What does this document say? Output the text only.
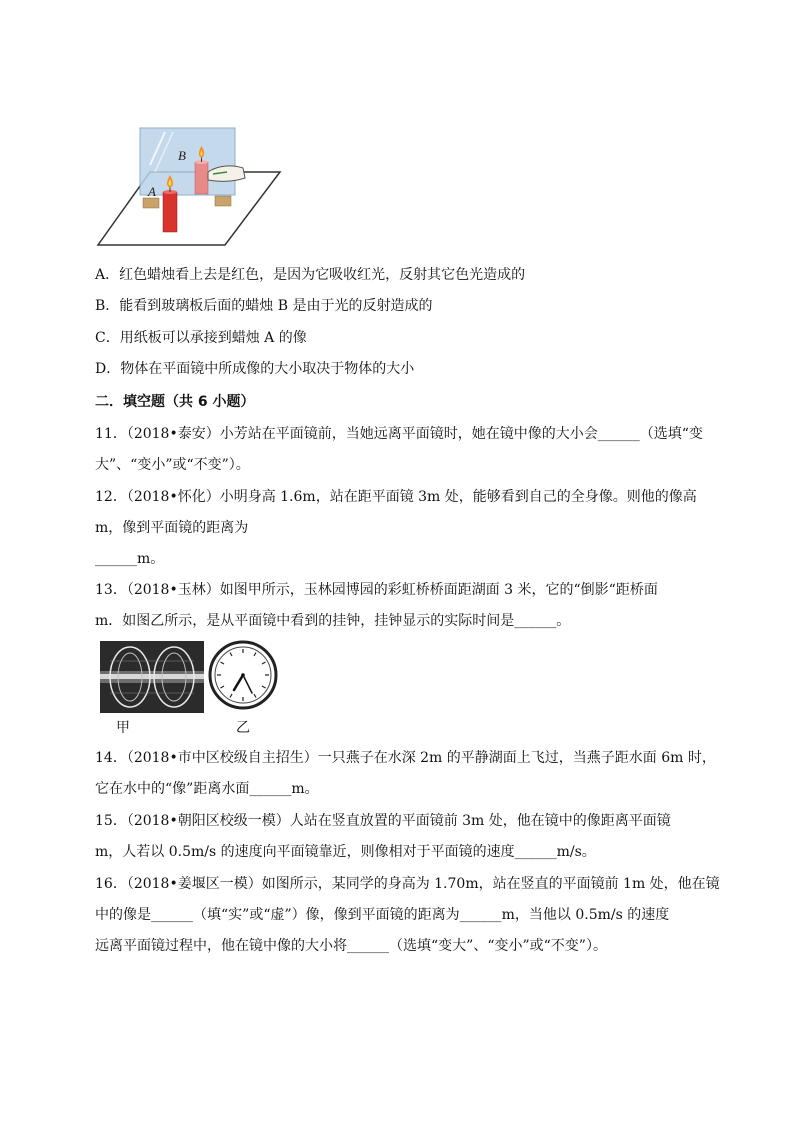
A
B
A．红色蜡烛看上去是红色，是因为它吸收红光，反射其它色光造成的
B．能看到玻璃板后面的蜡烛 B 是由于光的反射造成的
C．用纸板可以承接到蜡烛 A 的像
D．物体在平面镜中所成像的大小取决于物体的大小
二．填空题（共 6 小题）
11．（2018•泰安）小芳站在平面镜前，当她远离平面镜时，她在镜中像的大小会______（选填“变
大”、“变小”或“不变”）。
12．（2018•怀化）小明身高 1.6m，站在距平面镜 3m 处，能够看到自己的全身像。则他的像高
m，像到平面镜的距离为
______m。
13．（2018•玉林）如图甲所示，玉林园博园的彩虹桥桥面距湖面 3 米，它的“倒影“距桥面
m．如图乙所示，是从平面镜中看到的挂钟，挂钟显示的实际时间是______。
甲	乙
14．（2018•市中区校级自主招生）一只燕子在水深 2m 的平静湖面上飞过，当燕子距水面 6m 时，
它在水中的“像”距离水面______m。
15．（2018•朝阳区校级一模）人站在竖直放置的平面镜前 3m 处，他在镜中的像距离平面镜
m，人若以 0.5m/s 的速度向平面镜靠近，则像相对于平面镜的速度______m/s。
16．（2018•姜堰区一模）如图所示，某同学的身高为 1.70m，站在竖直的平面镜前 1m 处，他在镜
中的像是______（填“实”或“虚”）像，像到平面镜的距离为______m，当他以 0.5m/s 的速度
远离平面镜过程中，他在镜中像的大小将______（选填“变大”、“变小”或“不变”）。
